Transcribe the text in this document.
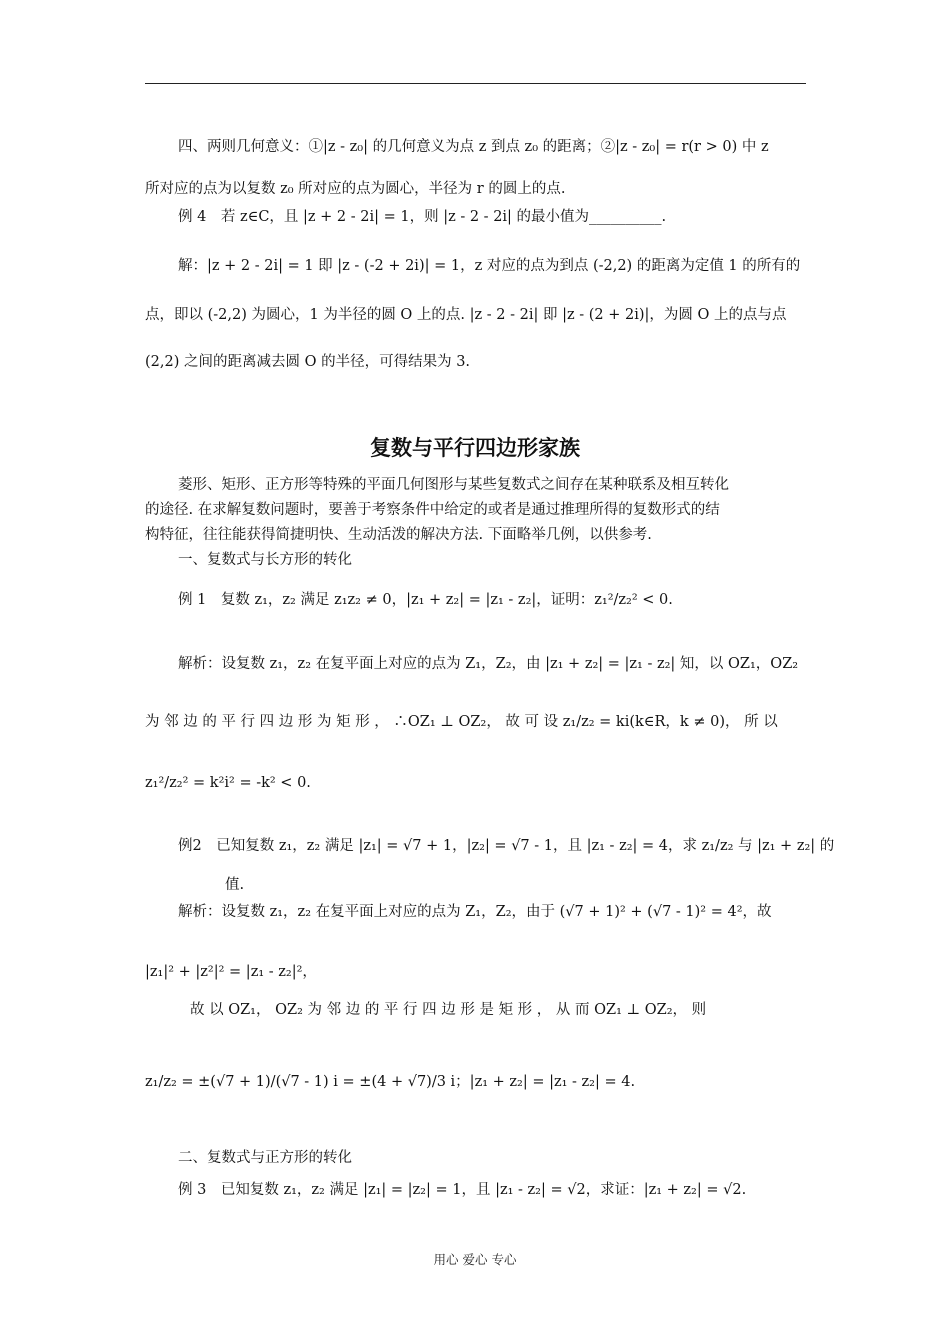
四、两则几何意义：①|z - z₀| 的几何意义为点 z 到点 z₀ 的距离；②|z - z₀| = r(r > 0) 中 z
所对应的点为以复数 z₀ 所对应的点为圆心，半径为 r 的圆上的点.
例 4　若 z∈C，且 |z + 2 - 2i| = 1，则 |z - 2 - 2i| 的最小值为__________.
解：|z + 2 - 2i| = 1 即 |z - (-2 + 2i)| = 1，z 对应的点为到点 (-2,2) 的距离为定值 1 的所有的
点，即以 (-2,2) 为圆心，1 为半径的圆 O 上的点. |z - 2 - 2i| 即 |z - (2 + 2i)|，为圆 O 上的点与点
(2,2) 之间的距离减去圆 O 的半径，可得结果为 3.
复数与平行四边形家族
菱形、矩形、正方形等特殊的平面几何图形与某些复数式之间存在某种联系及相互转化
的途径. 在求解复数问题时，要善于考察条件中给定的或者是通过推理所得的复数形式的结
构特征，往往能获得简捷明快、生动活泼的解决方法. 下面略举几例，以供参考.
一、复数式与长方形的转化
例 1　复数 z₁，z₂ 满足 z₁z₂ ≠ 0，|z₁ + z₂| = |z₁ - z₂|，证明：z₁²/z₂² < 0.
解析：设复数 z₁，z₂ 在复平面上对应的点为 Z₁，Z₂，由 |z₁ + z₂| = |z₁ - z₂| 知，以 OZ₁，OZ₂
为 邻 边 的 平 行 四 边 形 为 矩 形 ， ∴OZ₁ ⊥ OZ₂， 故 可 设 z₁/z₂ = ki(k∈R，k ≠ 0)， 所 以
z₁²/z₂² = k²i² = -k² < 0.
例2　已知复数 z₁，z₂ 满足 |z₁| = √7 + 1，|z₂| = √7 - 1，且 |z₁ - z₂| = 4，求 z₁/z₂ 与 |z₁ + z₂| 的
值.
解析：设复数 z₁，z₂ 在复平面上对应的点为 Z₁，Z₂，由于 (√7 + 1)² + (√7 - 1)² = 4²，故
|z₁|² + |z²|² = |z₁ - z₂|²，
故 以 OZ₁， OZ₂ 为 邻 边 的 平 行 四 边 形 是 矩 形 ， 从 而 OZ₁ ⊥ OZ₂， 则
z₁/z₂ = ±(√7 + 1)/(√7 - 1) i = ±(4 + √7)/3 i；|z₁ + z₂| = |z₁ - z₂| = 4.
二、复数式与正方形的转化
例 3　已知复数 z₁，z₂ 满足 |z₁| = |z₂| = 1，且 |z₁ - z₂| = √2，求证：|z₁ + z₂| = √2.
用心 爱心 专心
